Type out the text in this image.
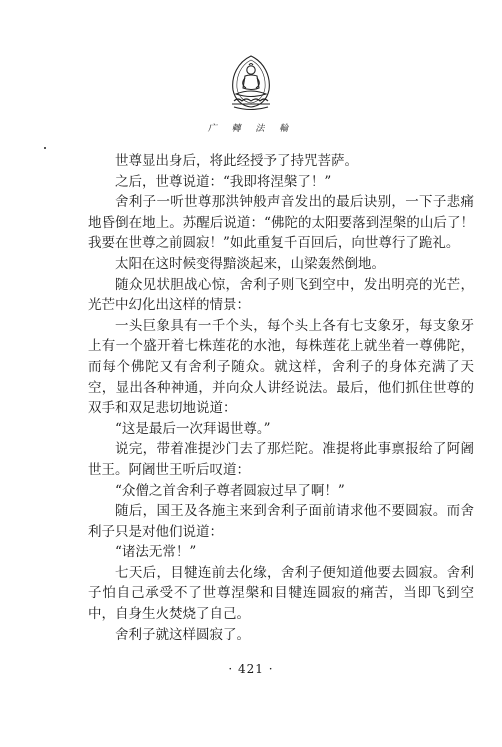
广 轉 法 輪

世尊显出身后，将此经授予了持咒菩萨。

之后，世尊说道：“我即将涅槃了！”

舍利子一听世尊那洪钟般声音发出的最后诀别，一下子悲痛地昏倒在地上。苏醒后说道：“佛陀的太阳要落到涅槃的山后了！我要在世尊之前圆寂！”如此重复千百回后，向世尊行了跪礼。

太阳在这时候变得黯淡起来，山梁轰然倒地。

随众见状胆战心惊，舍利子则飞到空中，发出明亮的光芒，光芒中幻化出这样的情景：

一头巨象具有一千个头，每个头上各有七支象牙，每支象牙上有一个盛开着七株莲花的水池，每株莲花上就坐着一尊佛陀，而每个佛陀又有舍利子随众。就这样，舍利子的身体充满了天空，显出各种神通，并向众人讲经说法。最后，他们抓住世尊的双手和双足悲切地说道：

“这是最后一次拜谒世尊。”

说完，带着准提沙门去了那烂陀。准提将此事禀报给了阿阇世王。阿阇世王听后叹道：

“众僧之首舍利子尊者圆寂过早了啊！”

随后，国王及各施主来到舍利子面前请求他不要圆寂。而舍利子只是对他们说道：

“诸法无常！”

七天后，目犍连前去化缘，舍利子便知道他要去圆寂。舍利子怕自己承受不了世尊涅槃和目犍连圆寂的痛苦，当即飞到空中，自身生火焚烧了自己。

舍利子就这样圆寂了。

· 421 ·
